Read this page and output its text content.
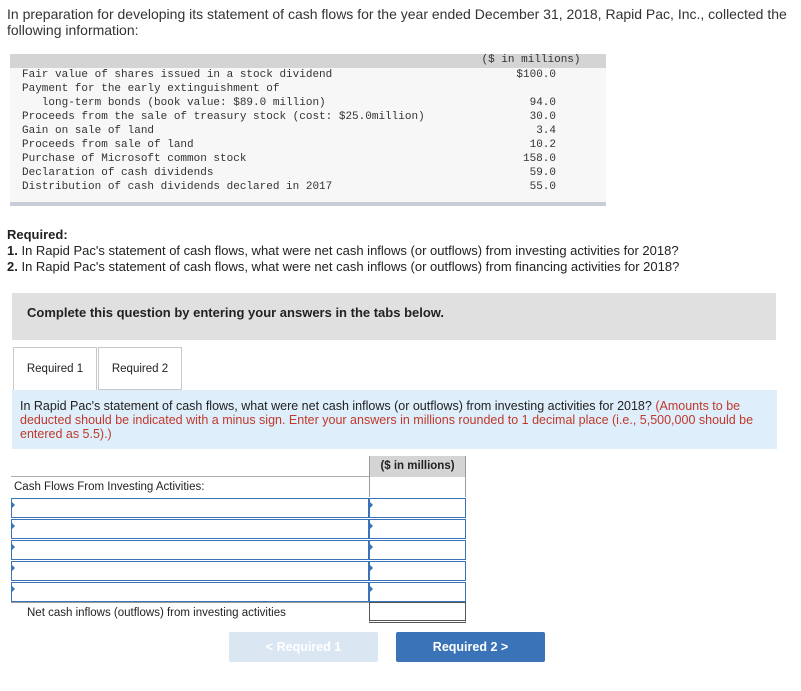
In preparation for developing its statement of cash flows for the year ended December 31, 2018, Rapid Pac, Inc., collected the following information:
($ in millions)
Fair value of shares issued in a stock dividend	$100.0
Payment for the early extinguishment of
long-term bonds (book value: $89.0 million)	94.0
Proceeds from the sale of treasury stock (cost: $25.0million)	30.0
Gain on sale of land	3.4
Proceeds from sale of land	10.2
Purchase of Microsoft common stock	158.0
Declaration of cash dividends	59.0
Distribution of cash dividends declared in 2017	55.0
Required:
1. In Rapid Pac's statement of cash flows, what were net cash inflows (or outflows) from investing activities for 2018?
2. In Rapid Pac's statement of cash flows, what were net cash inflows (or outflows) from financing activities for 2018?
Complete this question by entering your answers in the tabs below.
Required 1	Required 2
In Rapid Pac's statement of cash flows, what were net cash inflows (or outflows) from investing activities for 2018? (Amounts to be deducted should be indicated with a minus sign. Enter your answers in millions rounded to 1 decimal place (i.e., 5,500,000 should be entered as 5.5).)
($ in millions)
Cash Flows From Investing Activities:
Net cash inflows (outflows) from investing activities
< Required 1	Required 2 >
